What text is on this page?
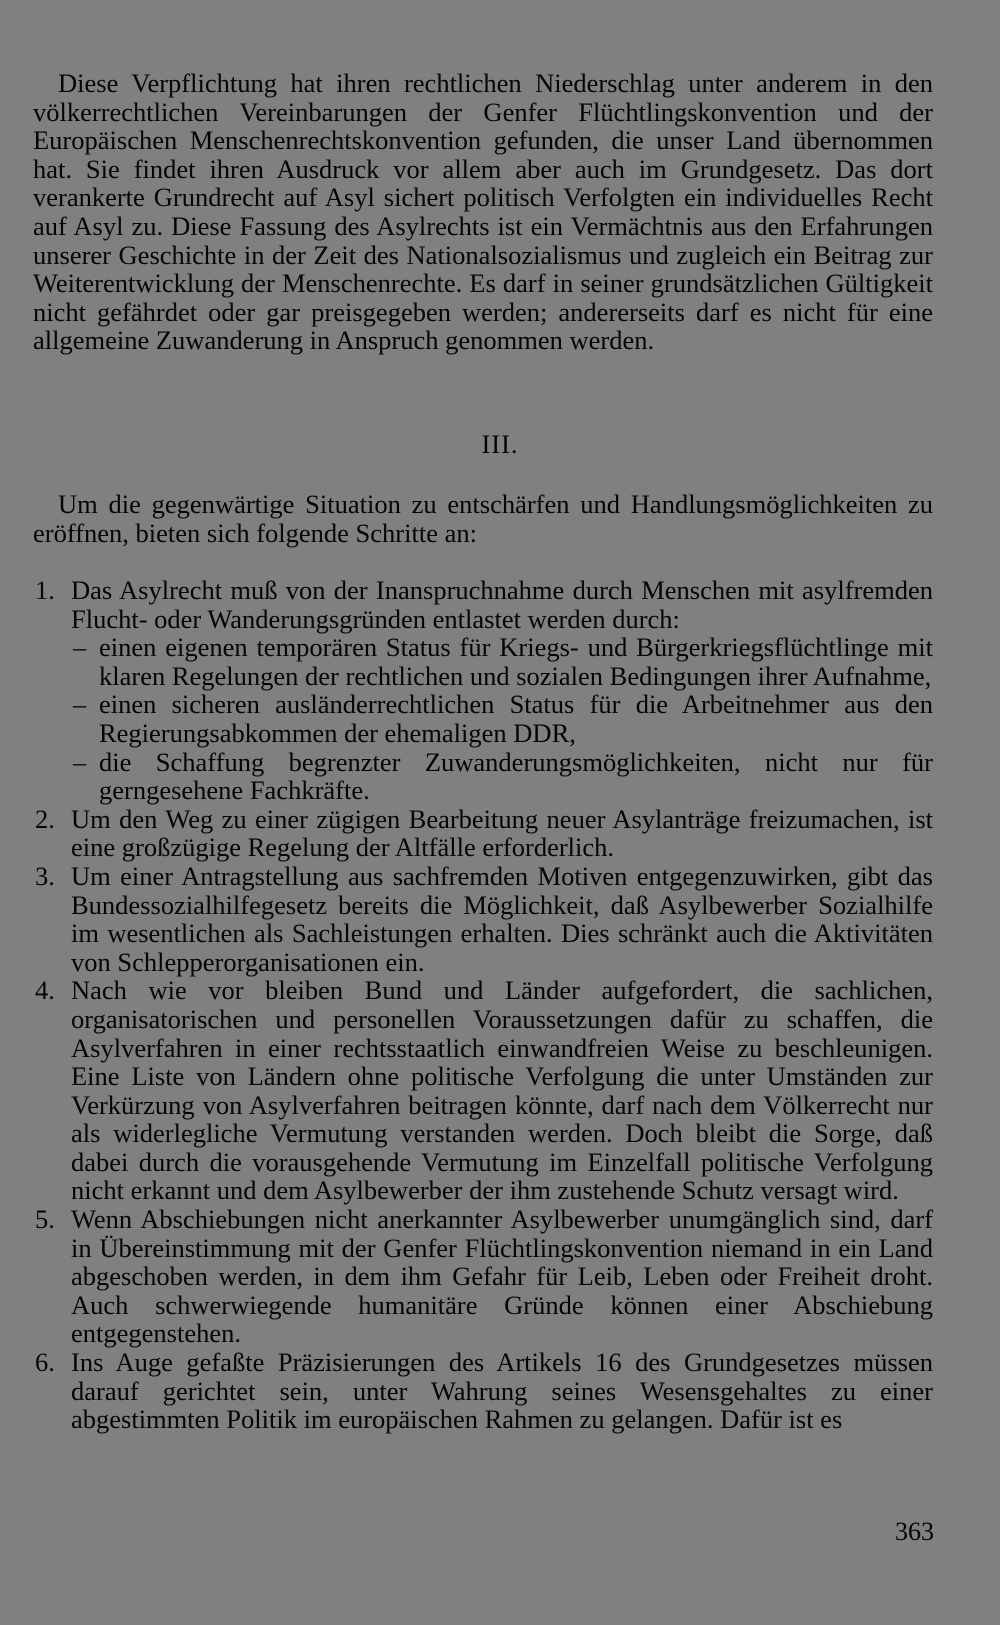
Diese Verpflichtung hat ihren rechtlichen Niederschlag unter anderem in den völkerrechtlichen Vereinbarungen der Genfer Flüchtlingskonvention und der Europäischen Menschenrechtskonvention gefunden, die unser Land übernommen hat. Sie findet ihren Ausdruck vor allem aber auch im Grundgesetz. Das dort verankerte Grundrecht auf Asyl sichert politisch Verfolgten ein individuelles Recht auf Asyl zu. Diese Fassung des Asylrechts ist ein Vermächtnis aus den Erfahrungen unserer Geschichte in der Zeit des Nationalsozialismus und zugleich ein Beitrag zur Weiterentwicklung der Menschenrechte. Es darf in seiner grundsätzlichen Gültigkeit nicht gefährdet oder gar preisgegeben werden; andererseits darf es nicht für eine allgemeine Zuwanderung in Anspruch genommen werden.

III.

Um die gegenwärtige Situation zu entschärfen und Handlungsmöglichkeiten zu eröffnen, bieten sich folgende Schritte an:

1. Das Asylrecht muß von der Inanspruchnahme durch Menschen mit asylfremden Flucht- oder Wanderungsgründen entlastet werden durch:
– einen eigenen temporären Status für Kriegs- und Bürgerkriegsflüchtlinge mit klaren Regelungen der rechtlichen und sozialen Bedingungen ihrer Aufnahme,
– einen sicheren ausländerrechtlichen Status für die Arbeitnehmer aus den Regierungsabkommen der ehemaligen DDR,
– die Schaffung begrenzter Zuwanderungsmöglichkeiten, nicht nur für gerngesehene Fachkräfte.
2. Um den Weg zu einer zügigen Bearbeitung neuer Asylanträge freizumachen, ist eine großzügige Regelung der Altfälle erforderlich.
3. Um einer Antragstellung aus sachfremden Motiven entgegenzuwirken, gibt das Bundessozialhilfegesetz bereits die Möglichkeit, daß Asylbewerber Sozialhilfe im wesentlichen als Sachleistungen erhalten. Dies schränkt auch die Aktivitäten von Schlepperorganisationen ein.
4. Nach wie vor bleiben Bund und Länder aufgefordert, die sachlichen, organisatorischen und personellen Voraussetzungen dafür zu schaffen, die Asylverfahren in einer rechtsstaatlich einwandfreien Weise zu beschleunigen. Eine Liste von Ländern ohne politische Verfolgung die unter Umständen zur Verkürzung von Asylverfahren beitragen könnte, darf nach dem Völkerrecht nur als widerlegliche Vermutung verstanden werden. Doch bleibt die Sorge, daß dabei durch die vorausgehende Vermutung im Einzelfall politische Verfolgung nicht erkannt und dem Asylbewerber der ihm zustehende Schutz versagt wird.
5. Wenn Abschiebungen nicht anerkannter Asylbewerber unumgänglich sind, darf in Übereinstimmung mit der Genfer Flüchtlingskonvention niemand in ein Land abgeschoben werden, in dem ihm Gefahr für Leib, Leben oder Freiheit droht. Auch schwerwiegende humanitäre Gründe können einer Abschiebung entgegenstehen.
6. Ins Auge gefaßte Präzisierungen des Artikels 16 des Grundgesetzes müssen darauf gerichtet sein, unter Wahrung seines Wesensgehaltes zu einer abgestimmten Politik im europäischen Rahmen zu gelangen. Dafür ist es
363
